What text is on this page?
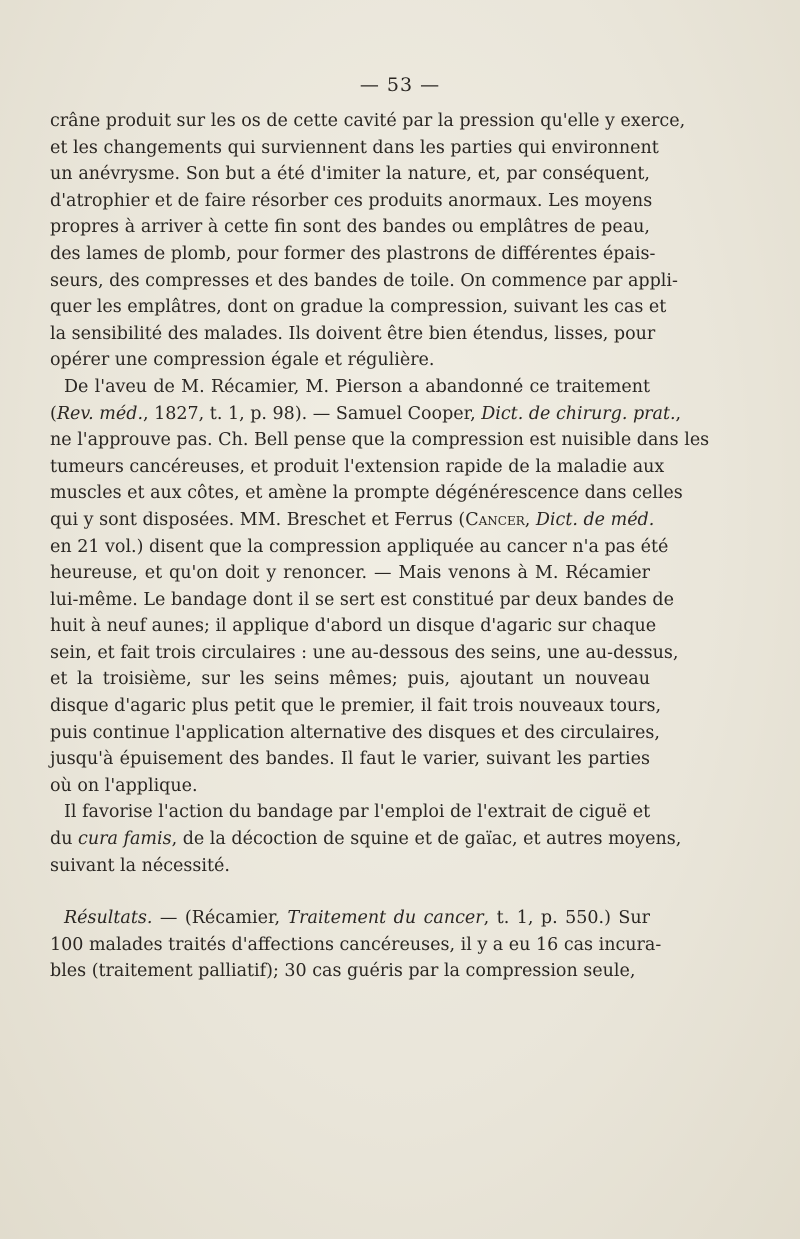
— 53 —
crâne produit sur les os de cette cavité par la pression qu'elle y exerce,
et les changements qui surviennent dans les parties qui environnent
un anévrysme. Son but a été d'imiter la nature, et, par conséquent,
d'atrophier et de faire résorber ces produits anormaux. Les moyens
propres à arriver à cette fin sont des bandes ou emplâtres de peau,
des lames de plomb, pour former des plastrons de différentes épais-
seurs, des compresses et des bandes de toile. On commence par appli-
quer les emplâtres, dont on gradue la compression, suivant les cas et
la sensibilité des malades. Ils doivent être bien étendus, lisses, pour
opérer une compression égale et régulière.
De l'aveu de M. Récamier, M. Pierson a abandonné ce traitement
(Rev. méd., 1827, t. 1, p. 98). — Samuel Cooper, Dict. de chirurg. prat.,
ne l'approuve pas. Ch. Bell pense que la compression est nuisible dans les
tumeurs cancéreuses, et produit l'extension rapide de la maladie aux
muscles et aux côtes, et amène la prompte dégénérescence dans celles
qui y sont disposées. MM. Breschet et Ferrus (Cancer, Dict. de méd.
en 21 vol.) disent que la compression appliquée au cancer n'a pas été
heureuse, et qu'on doit y renoncer. — Mais venons à M. Récamier
lui-même. Le bandage dont il se sert est constitué par deux bandes de
huit à neuf aunes; il applique d'abord un disque d'agaric sur chaque
sein, et fait trois circulaires : une au-dessous des seins, une au-dessus,
et la troisième, sur les seins mêmes; puis, ajoutant un nouveau
disque d'agaric plus petit que le premier, il fait trois nouveaux tours,
puis continue l'application alternative des disques et des circulaires,
jusqu'à épuisement des bandes. Il faut le varier, suivant les parties
où on l'applique.
Il favorise l'action du bandage par l'emploi de l'extrait de ciguë et
du cura famis, de la décoction de squine et de gaïac, et autres moyens,
suivant la nécessité.
Résultats. — (Récamier, Traitement du cancer, t. 1, p. 550.) Sur
100 malades traités d'affections cancéreuses, il y a eu 16 cas incura-
bles (traitement palliatif); 30 cas guéris par la compression seule,
